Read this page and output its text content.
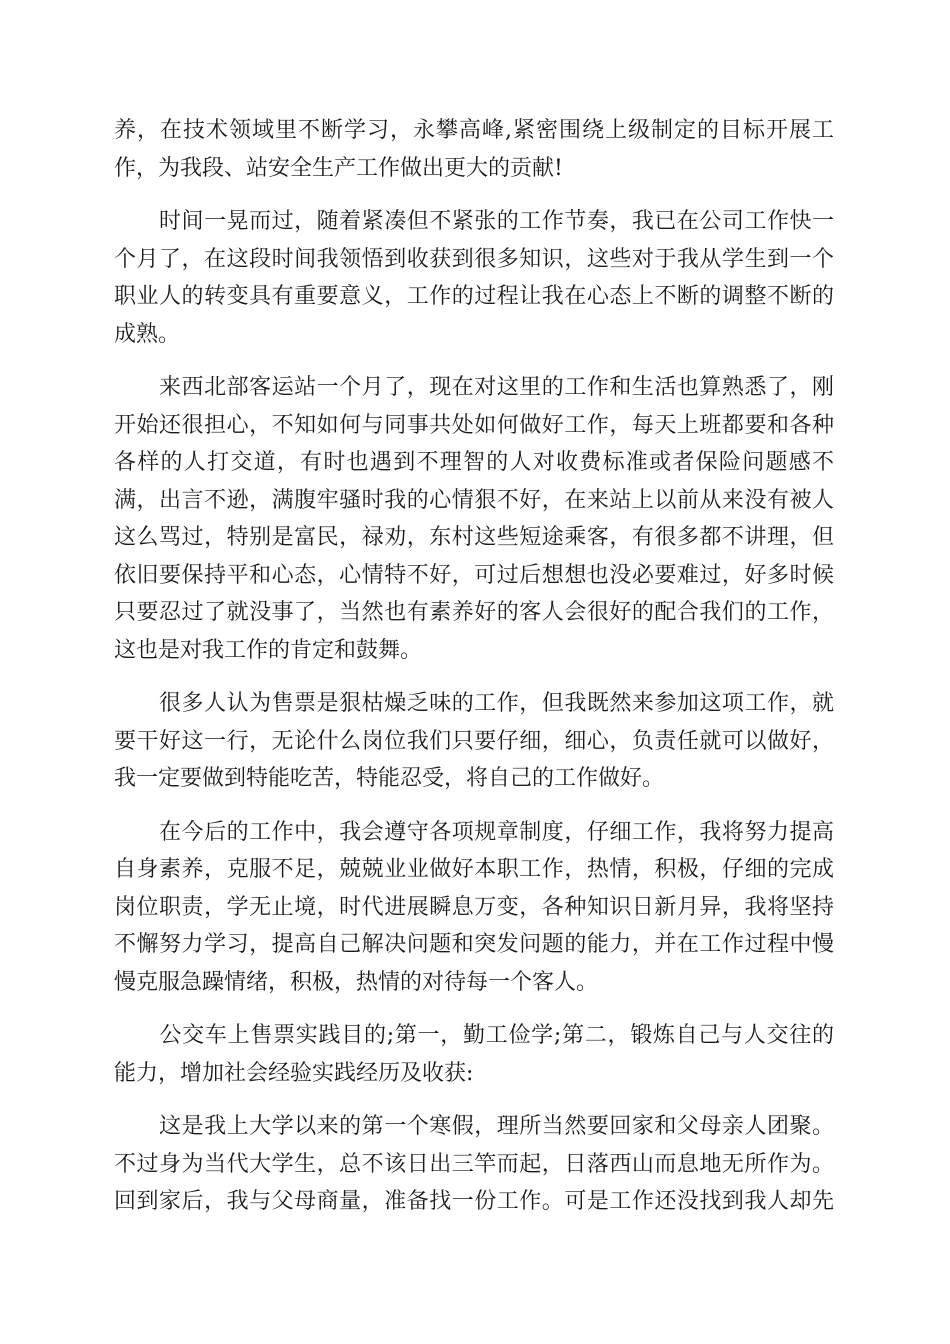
养，在技术领域里不断学习，永攀高峰,紧密围绕上级制定的目标开展工
作，为我段、站安全生产工作做出更大的贡献!
　　时间一晃而过，随着紧凑但不紧张的工作节奏，我已在公司工作快一
个月了，在这段时间我领悟到收获到很多知识，这些对于我从学生到一个
职业人的转变具有重要意义，工作的过程让我在心态上不断的调整不断的
成熟。
　　来西北部客运站一个月了，现在对这里的工作和生活也算熟悉了，刚
开始还很担心，不知如何与同事共处如何做好工作，每天上班都要和各种
各样的人打交道，有时也遇到不理智的人对收费标准或者保险问题感不
满，出言不逊，满腹牢骚时我的心情狠不好，在来站上以前从来没有被人
这么骂过，特别是富民，禄劝，东村这些短途乘客，有很多都不讲理，但
依旧要保持平和心态，心情特不好，可过后想想也没必要难过，好多时候
只要忍过了就没事了，当然也有素养好的客人会很好的配合我们的工作，
这也是对我工作的肯定和鼓舞。
　　很多人认为售票是狠枯燥乏味的工作，但我既然来参加这项工作，就
要干好这一行，无论什么岗位我们只要仔细，细心，负责任就可以做好，
我一定要做到特能吃苦，特能忍受，将自己的工作做好。
　　在今后的工作中，我会遵守各项规章制度，仔细工作，我将努力提高
自身素养，克服不足，兢兢业业做好本职工作，热情，积极，仔细的完成
岗位职责，学无止境，时代进展瞬息万变，各种知识日新月异，我将坚持
不懈努力学习，提高自己解决问题和突发问题的能力，并在工作过程中慢
慢克服急躁情绪，积极，热情的对待每一个客人。
　　公交车上售票实践目的;第一，勤工俭学;第二，锻炼自己与人交往的
能力，增加社会经验实践经历及收获:
　　这是我上大学以来的第一个寒假，理所当然要回家和父母亲人团聚。
不过身为当代大学生，总不该日出三竿而起，日落西山而息地无所作为。
回到家后，我与父母商量，准备找一份工作。可是工作还没找到我人却先
